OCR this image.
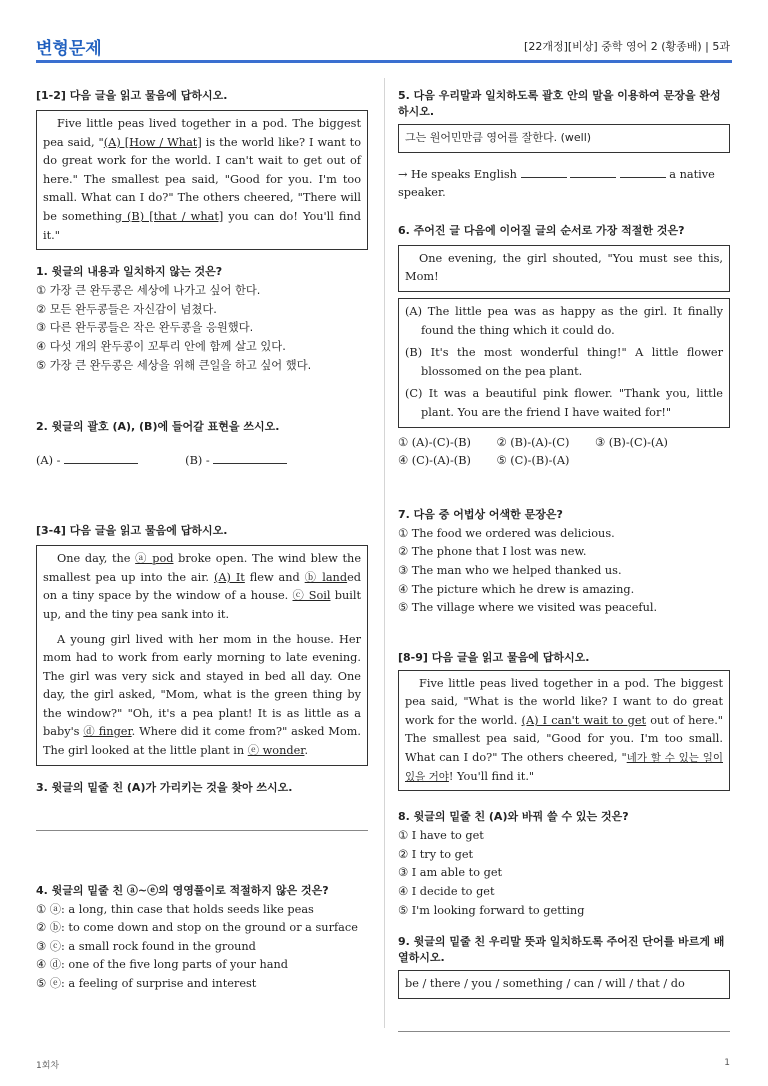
변형문제	[22개정][비상] 중학 영어 2 (황종배) | 5과

[1-2] 다음 글을 읽고 물음에 답하시오.

Five little peas lived together in a pod. The biggest pea said, "(A) [How / What] is the world like? I want to do great work for the world. I can't wait to get out of here." The smallest pea said, "Good for you. I'm too small. What can I do?" The others cheered, "There will be something (B) [that / what] you can do! You'll find it."

1. 윗글의 내용과 일치하지 않는 것은?

① 가장 큰 완두콩은 세상에 나가고 싶어 한다.

② 모든 완두콩들은 자신감이 넘쳤다.

③ 다른 완두콩들은 작은 완두콩을 응원했다.

④ 다섯 개의 완두콩이 꼬투리 안에 함께 살고 있다.

⑤ 가장 큰 완두콩은 세상을 위해 큰일을 하고 싶어 했다.

2. 윗글의 괄호 (A), (B)에 들어갈 표현을 쓰시오.

(A) -	(B) -

[3-4] 다음 글을 읽고 물음에 답하시오.

One day, the ⓐ pod broke open. The wind blew the smallest pea up into the air. (A) It flew and ⓑ landed on a tiny space by the window of a house. ⓒ Soil built up, and the tiny pea sank into it.

A young girl lived with her mom in the house. Her mom had to work from early morning to late evening. The girl was very sick and stayed in bed all day. One day, the girl asked, "Mom, what is the green thing by the window?" "Oh, it's a pea plant! It is as little as a baby's ⓓ finger. Where did it come from?" asked Mom. The girl looked at the little plant in ⓔ wonder.

3. 윗글의 밑줄 친 (A)가 가리키는 것을 찾아 쓰시오.

4. 윗글의 밑줄 친 ⓐ~ⓔ의 영영풀이로 적절하지 않은 것은?

① ⓐ: a long, thin case that holds seeds like peas

② ⓑ: to come down and stop on the ground or a surface

③ ⓒ: a small rock found in the ground

④ ⓓ: one of the five long parts of your hand

⑤ ⓔ: a feeling of surprise and interest

5. 다음 우리말과 일치하도록 괄호 안의 말을 이용하여 문장을 완성하시오.

그는 원어민만큼 영어를 잘한다. (well)
→ He speaks English	a native speaker.

6. 주어진 글 다음에 이어질 글의 순서로 가장 적절한 것은?

One evening, the girl shouted, "You must see this, Mom!

(A) The little pea was as happy as the girl. It finally found the thing which it could do.

(B) It's the most wonderful thing!" A little flower blossomed on the pea plant.

(C) It was a beautiful pink flower. "Thank you, little plant. You are the friend I have waited for!"

① (A)-(C)-(B) ② (B)-(A)-(C) ③ (B)-(C)-(A)
④ (C)-(A)-(B) ⑤ (C)-(B)-(A)

7. 다음 중 어법상 어색한 문장은?

① The food we ordered was delicious.

② The phone that I lost was new.

③ The man who we helped thanked us.

④ The picture which he drew is amazing.

⑤ The village where we visited was peaceful.

[8-9] 다음 글을 읽고 물음에 답하시오.

Five little peas lived together in a pod. The biggest pea said, "What is the world like? I want to do great work for the world. (A) I can't wait to get out of here." The smallest pea said, "Good for you. I'm too small. What can I do?" The others cheered, "네가 할 수 있는 일이 있을 거야! You'll find it."

8. 윗글의 밑줄 친 (A)와 바꿔 쓸 수 있는 것은?

① I have to get

② I try to get

③ I am able to get

④ I decide to get

⑤ I'm looking forward to getting

9. 윗글의 밑줄 친 우리말 뜻과 일치하도록 주어진 단어를 바르게 배열하시오.

be / there / you / something / can / will / that / do
1회차	1
